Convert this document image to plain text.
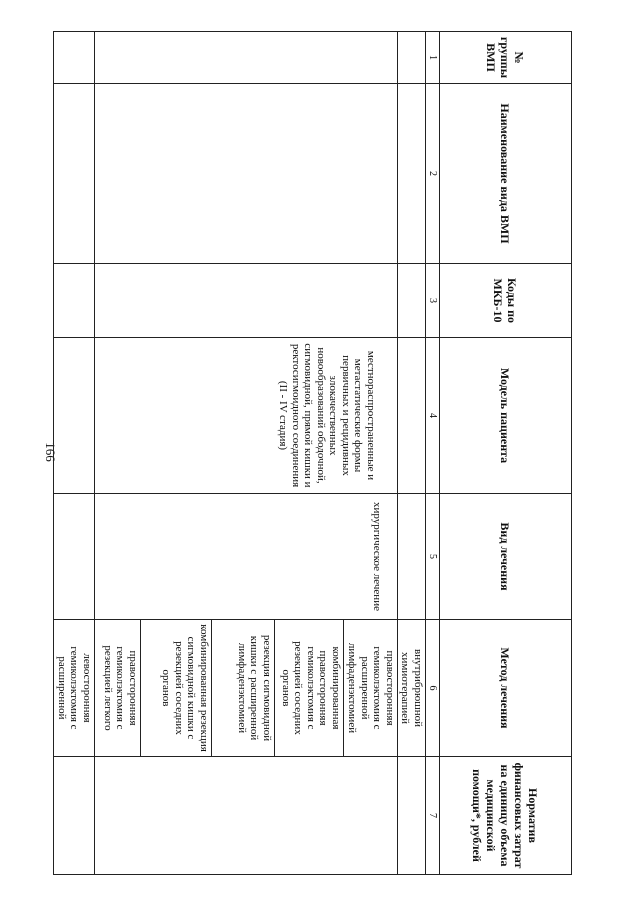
166
№ группы ВМП	Наименование вида ВМП	Коды по МКБ-10	Модель пациента	Вид лечения	Метод лечения	Норматив финансовых затрат на единицу объема медицинской помощи*, рублей
1	2	3	4	5	6	7
					внутрибрюшной химиотерапией	
			местнораспространенные и метастатические формы первичных и рецидивных злокачественных новообразований ободочной, сигмовидной, прямой кишки и ректосигмоидного соединения (II - IV стадия)	хирургическое лечение	правосторонняя гемиколэктомия с расширенной лимфаденэктомией	
					комбинированная правосторонняя гемиколэктомия с резекцией соседних органов	
					резекция сигмовидной кишки с расширенной лимфаденэктомией	
					комбинированная резекция сигмовидной кишки с резекцией соседних органов	
					правосторонняя гемиколэктомия с резекцией легкого	
					левосторонняя гемиколэктомия с расширенной	
